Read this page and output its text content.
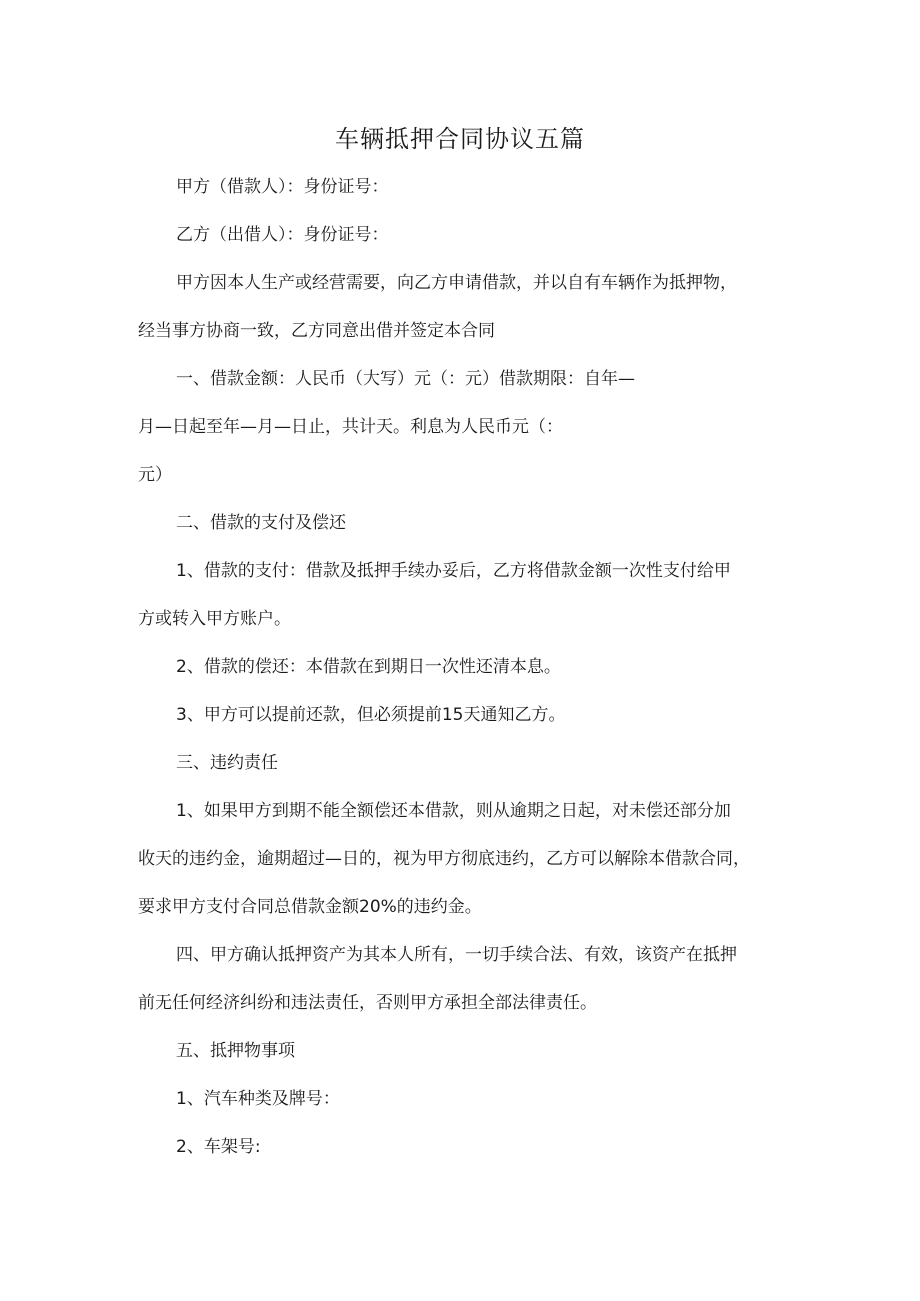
车辆抵押合同协议五篇
甲方（借款人）：身份证号：
乙方（出借人）：身份证号：
甲方因本人生产或经营需要，向乙方申请借款，并以自有车辆作为抵押物，
经当事方协商一致，乙方同意出借并签定本合同
一、借款金额：人民币（大写）元（：元）借款期限：自年—
月—日起至年—月—日止，共计天。利息为人民币元（：
元）
二、借款的支付及偿还
1、借款的支付：借款及抵押手续办妥后，乙方将借款金额一次性支付给甲
方或转入甲方账户。
2、借款的偿还：本借款在到期日一次性还清本息。
3、甲方可以提前还款，但必须提前15天通知乙方。
三、违约责任
1、如果甲方到期不能全额偿还本借款，则从逾期之日起，对未偿还部分加
收天的违约金，逾期超过—日的，视为甲方彻底违约，乙方可以解除本借款合同，
要求甲方支付合同总借款金额20%的违约金。
四、甲方确认抵押资产为其本人所有，一切手续合法、有效，该资产在抵押
前无任何经济纠纷和违法责任，否则甲方承担全部法律责任。
五、抵押物事项
1、汽车种类及牌号：
2、车架号:
